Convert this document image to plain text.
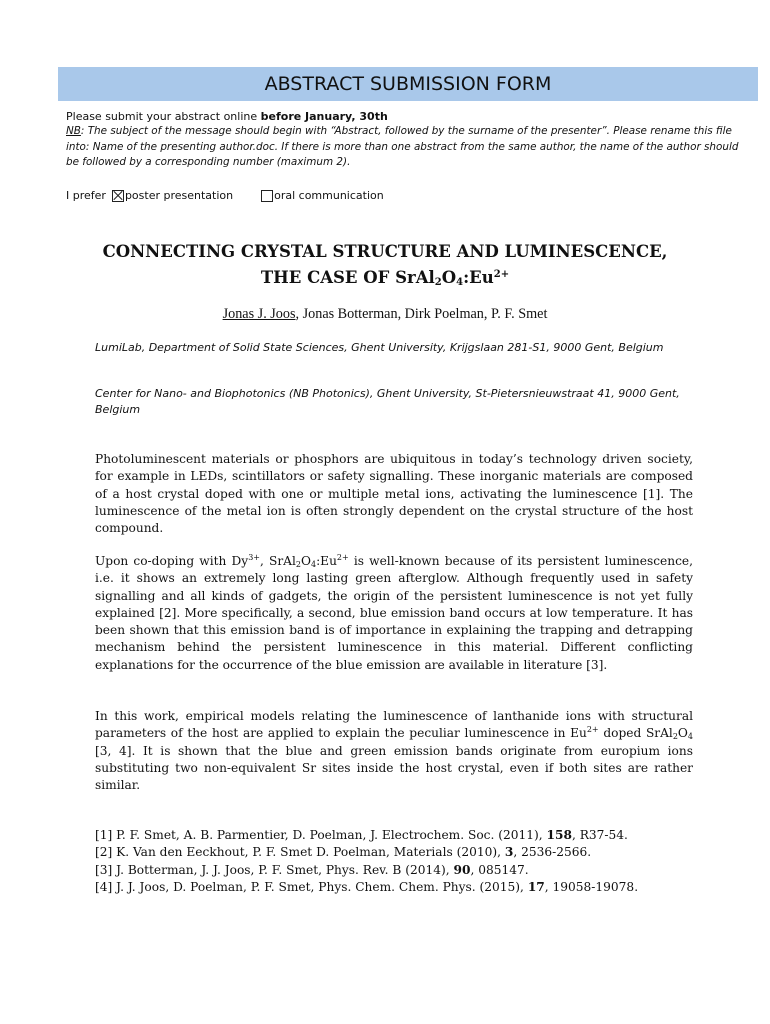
ABSTRACT SUBMISSION FORM
Please submit your abstract online before January, 30th
NB: The subject of the message should begin with “Abstract, followed by the surname of the presenter”. Please rename this file into: Name of the presenting author.doc. If there is more than one abstract from the same author, the name of the author should be followed by a corresponding number (maximum 2).
I prefer poster presentation	oral communication
CONNECTING CRYSTAL STRUCTURE AND LUMINESCENCE,
THE CASE OF $SrAl_2O_4:Eu^{2+}$
Jonas J. Joos, Jonas Botterman, Dirk Poelman, P. F. Smet
LumiLab, Department of Solid State Sciences, Ghent University, Krijgslaan 281-S1, 9000 Gent, Belgium
Center for Nano- and Biophotonics (NB Photonics), Ghent University, St-Pietersnieuwstraat 41, 9000 Gent, Belgium
Photoluminescent materials or phosphors are ubiquitous in today’s technology driven society, for example in LEDs, scintillators or safety signalling. These inorganic materials are composed of a host crystal doped with one or multiple metal ions, activating the luminescence [1]. The luminescence of the metal ion is often strongly dependent on the crystal structure of the host compound.
Upon co-doping with $Dy^{3+}$, $SrAl_2O_4:Eu^{2+}$ is well-known because of its persistent luminescence, i.e. it shows an extremely long lasting green afterglow. Although frequently used in safety signalling and all kinds of gadgets, the origin of the persistent luminescence is not yet fully explained [2]. More specifically, a second, blue emission band occurs at low temperature. It has been shown that this emission band is of importance in explaining the trapping and detrapping mechanism behind the persistent luminescence in this material. Different conflicting explanations for the occurrence of the blue emission are available in literature [3].
In this work, empirical models relating the luminescence of lanthanide ions with structural parameters of the host are applied to explain the peculiar luminescence in $Eu^{2+}$ doped $SrAl_2O_4$ [3, 4]. It is shown that the blue and green emission bands originate from europium ions substituting two non-equivalent Sr sites inside the host crystal, even if both sites are rather similar.
[1] P. F. Smet, A. B. Parmentier, D. Poelman, J. Electrochem. Soc. (2011), 158, R37-54.
[2] K. Van den Eeckhout, P. F. Smet D. Poelman, Materials (2010), 3, 2536-2566.
[3] J. Botterman, J. J. Joos, P. F. Smet, Phys. Rev. B (2014), 90, 085147.
[4] J. J. Joos, D. Poelman, P. F. Smet, Phys. Chem. Chem. Phys. (2015), 17, 19058-19078.
